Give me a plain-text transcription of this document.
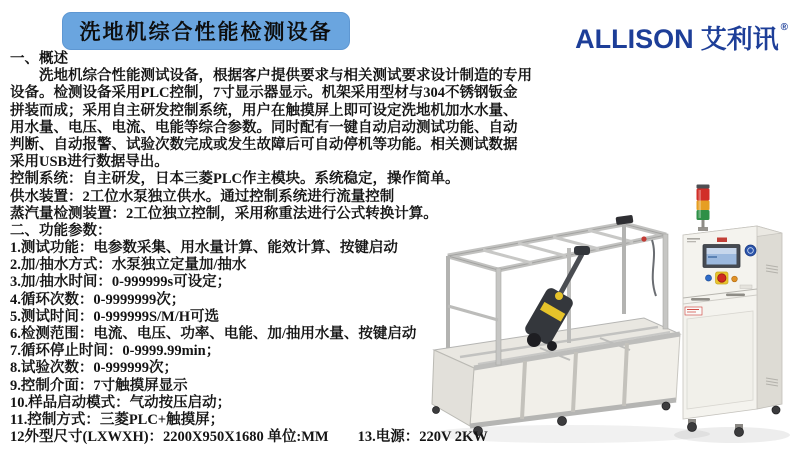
洗地机综合性能检测设备	ALLISON 艾利讯 ®
一、概述
　　洗地机综合性能测试设备，根据客户提供要求与相关测试要求设计制造的专用
设备。检测设备采用PLC控制，7寸显示器显示。机架采用型材与304不锈钢钣金
拼装而成；采用自主研发控制系统，用户在触摸屏上即可设定洗地机加水水量、
用水量、电压、电流、电能等综合参数。同时配有一键自动启动测试功能、自动
判断、自动报警、试验次数完成或发生故障后可自动停机等功能。相关测试数据
采用USB进行数据导出。
控制系统：自主研发，日本三菱PLC作主模块。系统稳定，操作简单。
供水装置：2工位水泵独立供水。通过控制系统进行流量控制
蒸汽量检测装置：2工位独立控制，采用称重法进行公式转换计算。
二、功能参数：
1.测试功能：电参数采集、用水量计算、能效计算、按键启动
2.加/抽水方式：水泵独立定量加/抽水
3.加/抽水时间：0-999999s可设定；
4.循环次数：0-9999999次；
5.测试时间：0-999999S/M/H可选
6.检测范围：电流、电压、功率、电能、加/抽用水量、按键启动
7.循环停止时间：0-9999.99min；
8.试验次数：0-999999次；
9.控制介面：7寸触摸屏显示
10.样品启动模式：气动按压启动；
11.控制方式：三菱PLC+触摸屏；
12外型尺寸(LXWXH)：2200X950X1680 单位:MM　　13.电源：220V 2KW
